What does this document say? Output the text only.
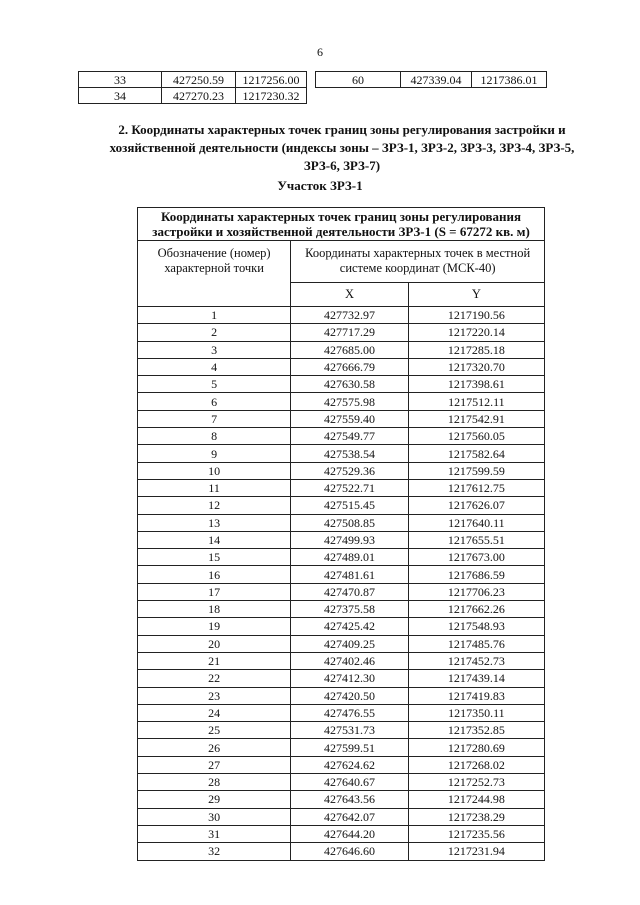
6
33	427250.59	1217256.00
34	427270.23	1217230.32
60	427339.04	1217386.01
2. Координаты характерных точек границ зоны регулирования застройки и хозяйственной деятельности (индексы зоны – ЗРЗ-1, ЗРЗ-2, ЗРЗ-3, ЗРЗ-4, ЗРЗ-5, ЗРЗ-6, ЗРЗ-7)
Участок ЗРЗ-1
Координаты характерных точек границ зоны регулирования застройки и хозяйственной деятельности ЗРЗ-1 (S = 67272 кв. м)		
Обозначение (номер) характерной точки	Координаты характерных точек в местной системе координат (МСК-40)	
	X	Y
1	427732.97	1217190.56
2	427717.29	1217220.14
3	427685.00	1217285.18
4	427666.79	1217320.70
5	427630.58	1217398.61
6	427575.98	1217512.11
7	427559.40	1217542.91
8	427549.77	1217560.05
9	427538.54	1217582.64
10	427529.36	1217599.59
11	427522.71	1217612.75
12	427515.45	1217626.07
13	427508.85	1217640.11
14	427499.93	1217655.51
15	427489.01	1217673.00
16	427481.61	1217686.59
17	427470.87	1217706.23
18	427375.58	1217662.26
19	427425.42	1217548.93
20	427409.25	1217485.76
21	427402.46	1217452.73
22	427412.30	1217439.14
23	427420.50	1217419.83
24	427476.55	1217350.11
25	427531.73	1217352.85
26	427599.51	1217280.69
27	427624.62	1217268.02
28	427640.67	1217252.73
29	427643.56	1217244.98
30	427642.07	1217238.29
31	427644.20	1217235.56
32	427646.60	1217231.94
